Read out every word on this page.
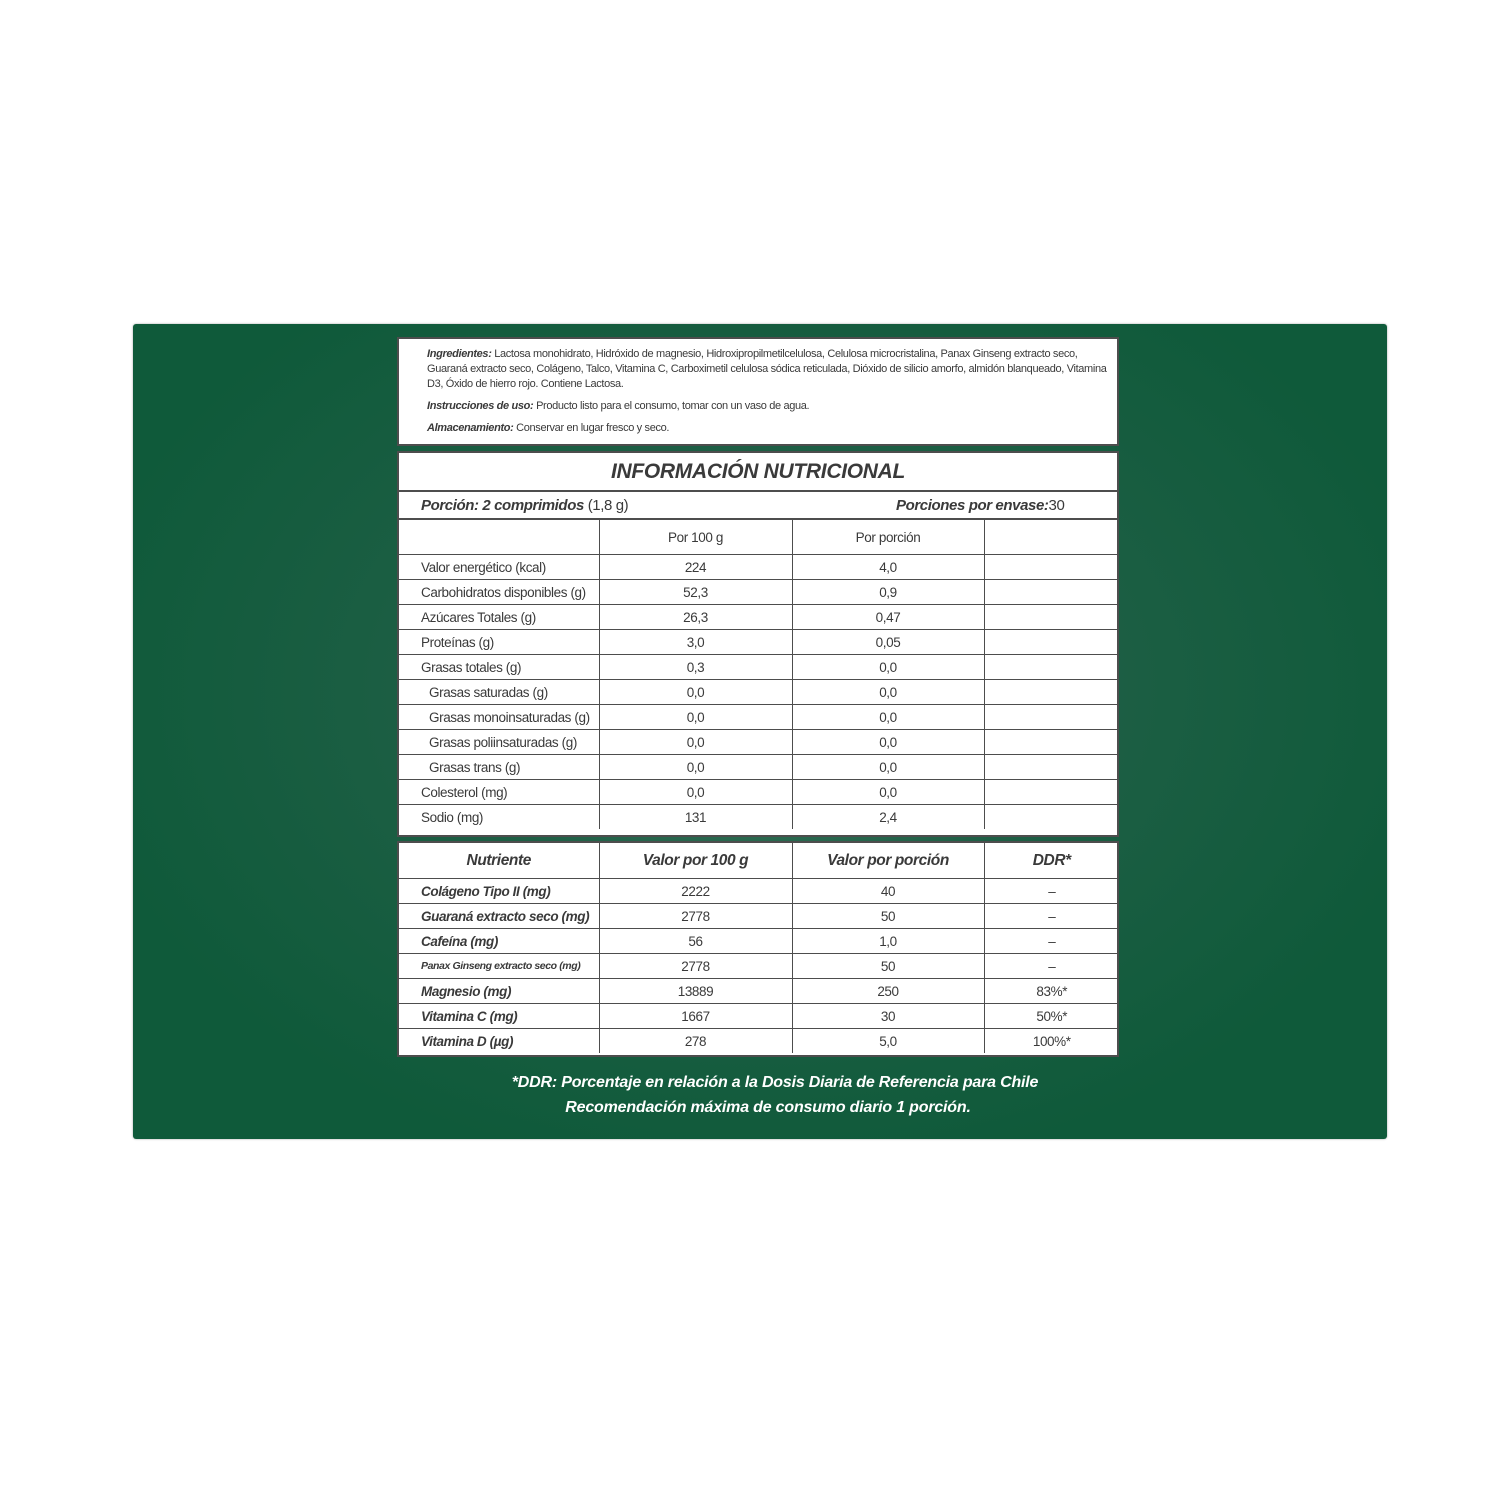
Ingredientes: Lactosa monohidrato, Hidróxido de magnesio, Hidroxipropilmetilcelulosa, Celulosa microcristalina, Panax Ginseng extracto seco, Guaraná extracto seco, Colágeno, Talco, Vitamina C, Carboximetil celulosa sódica reticulada, Dióxido de silicio amorfo, almidón blanqueado, Vitamina D3, Óxido de hierro rojo. Contiene Lactosa.

Instrucciones de uso: Producto listo para el consumo, tomar con un vaso de agua.

Almacenamiento: Conservar en lugar fresco y seco.

INFORMACIÓN NUTRICIONAL
Porción: 2 comprimidos (1,8 g)	Porciones por envase:30
	Por 100 g	Por porción	
Valor energético (kcal)	224	4,0	
Carbohidratos disponibles (g)	52,3	0,9	
Azúcares Totales (g)	26,3	0,47	
Proteínas (g)	3,0	0,05	
Grasas totales (g)	0,3	0,0	
Grasas saturadas (g)	0,0	0,0	
Grasas monoinsaturadas (g)	0,0	0,0	
Grasas poliinsaturadas (g)	0,0	0,0	
Grasas trans (g)	0,0	0,0	
Colesterol (mg)	0,0	0,0	
Sodio (mg)	131	2,4	
Nutriente	Valor por 100 g	Valor por porción	DDR*
Colágeno Tipo II (mg)	2222	40	–
Guaraná extracto seco (mg)	2778	50	–
Cafeína (mg)	56	1,0	–
Panax Ginseng extracto seco (mg)	2778	50	–
Magnesio (mg)	13889	250	83%*
Vitamina C (mg)	1667	30	50%*
Vitamina D (µg)	278	5,0	100%*
*DDR: Porcentaje en relación a la Dosis Diaria de Referencia para Chile
Recomendación máxima de consumo diario 1 porción.
